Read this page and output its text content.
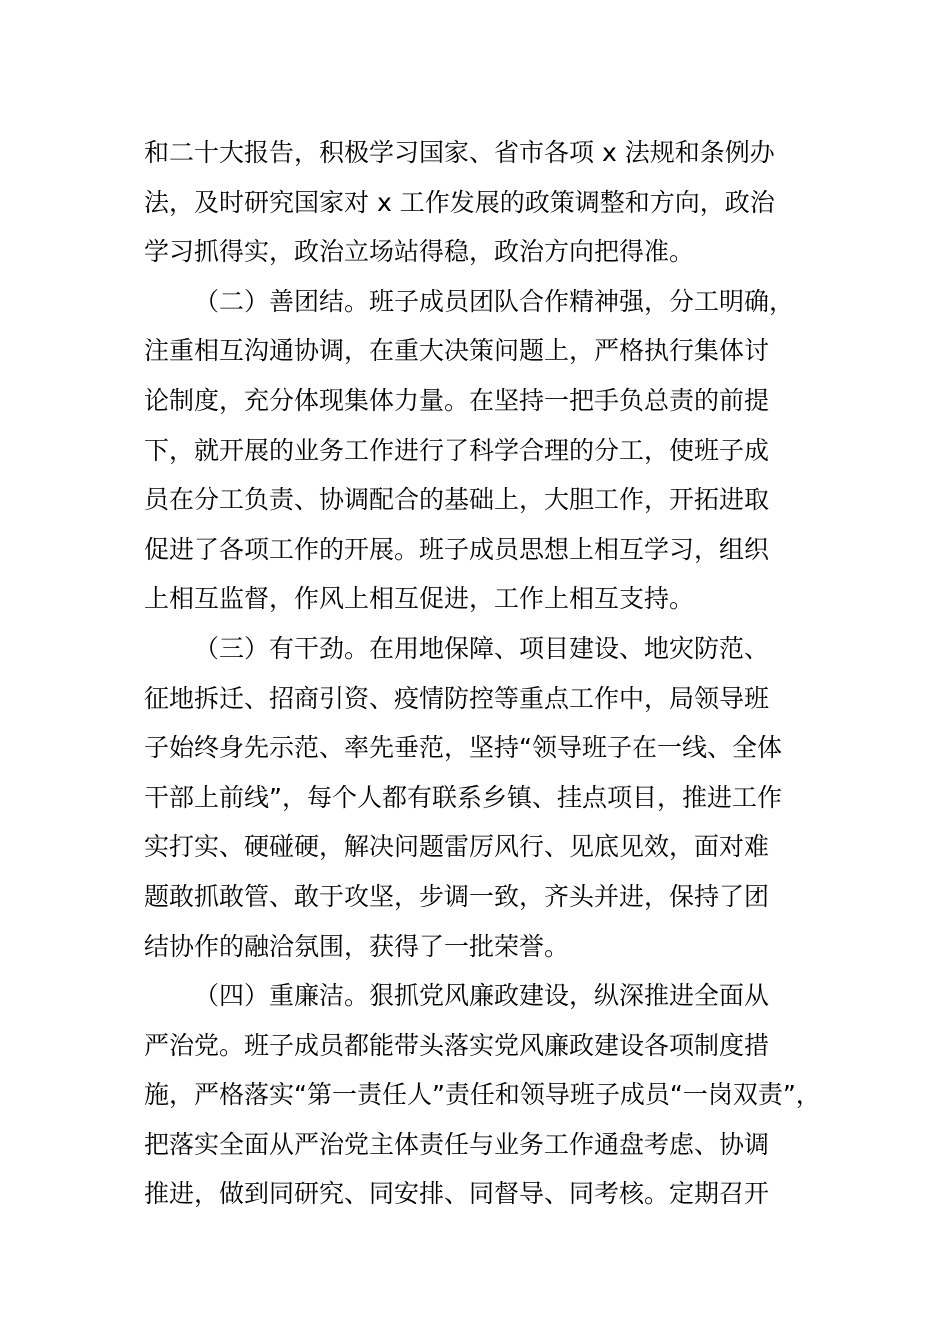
和二十大报告，积极学习国家、省市各项 x 法规和条例办
法，及时研究国家对 x 工作发展的政策调整和方向，政治
学习抓得实，政治立场站得稳，政治方向把得准。
（二）善团结。班子成员团队合作精神强，分工明确，
注重相互沟通协调，在重大决策问题上，严格执行集体讨
论制度，充分体现集体力量。在坚持一把手负总责的前提
下，就开展的业务工作进行了科学合理的分工，使班子成
员在分工负责、协调配合的基础上，大胆工作，开拓进取
促进了各项工作的开展。班子成员思想上相互学习，组织
上相互监督，作风上相互促进，工作上相互支持。
（三）有干劲。在用地保障、项目建设、地灾防范、
征地拆迁、招商引资、疫情防控等重点工作中，局领导班
子始终身先示范、率先垂范，坚持“领导班子在一线、全体
干部上前线”，每个人都有联系乡镇、挂点项目，推进工作
实打实、硬碰硬，解决问题雷厉风行、见底见效，面对难
题敢抓敢管、敢于攻坚，步调一致，齐头并进，保持了团
结协作的融洽氛围，获得了一批荣誉。
（四）重廉洁。狠抓党风廉政建设，纵深推进全面从
严治党。班子成员都能带头落实党风廉政建设各项制度措
施，严格落实“第一责任人”责任和领导班子成员“一岗双责”，
把落实全面从严治党主体责任与业务工作通盘考虑、协调
推进，做到同研究、同安排、同督导、同考核。定期召开
